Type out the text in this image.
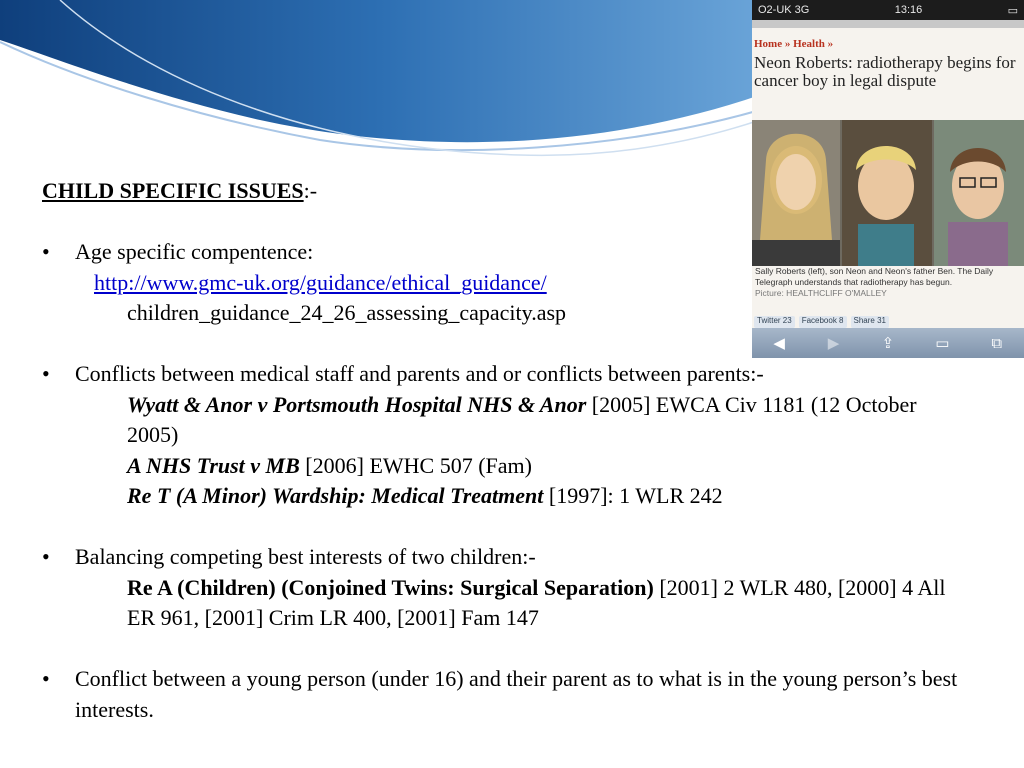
CHILD SPECIFIC ISSUES:-

• Age specific compentence:
http://www.gmc-uk.org/guidance/ethical_guidance/
children_guidance_24_26_assessing_capacity.asp
• Conflicts between medical staff and parents and or conflicts between parents:-
Wyatt & Anor v Portsmouth Hospital NHS & Anor [2005] EWCA Civ 1181 (12 October 2005)
A NHS Trust v MB [2006] EWHC 507 (Fam)
Re T (A Minor) Wardship: Medical Treatment [1997]: 1 WLR 242
• Balancing competing best interests of two children:-
Re A (Children) (Conjoined Twins: Surgical Separation) [2001] 2 WLR 480, [2000] 4 All ER 961, [2001] Crim LR 400, [2001] Fam 147
• Conflict between a young person (under 16) and their parent as to what is in the young person’s best interests.
O2-UK 3G	13:16	▭
Home » Health »
Neon Roberts: radiotherapy begins for cancer boy in legal dispute
Sally Roberts (left), son Neon and Neon's father Ben. The Daily Telegraph understands that radiotherapy has begun.
Picture: HEALTHCLIFF O'MALLEY
Twitter 23	Facebook 8	Share 31
◀	▶	⇪	▭	⧉
